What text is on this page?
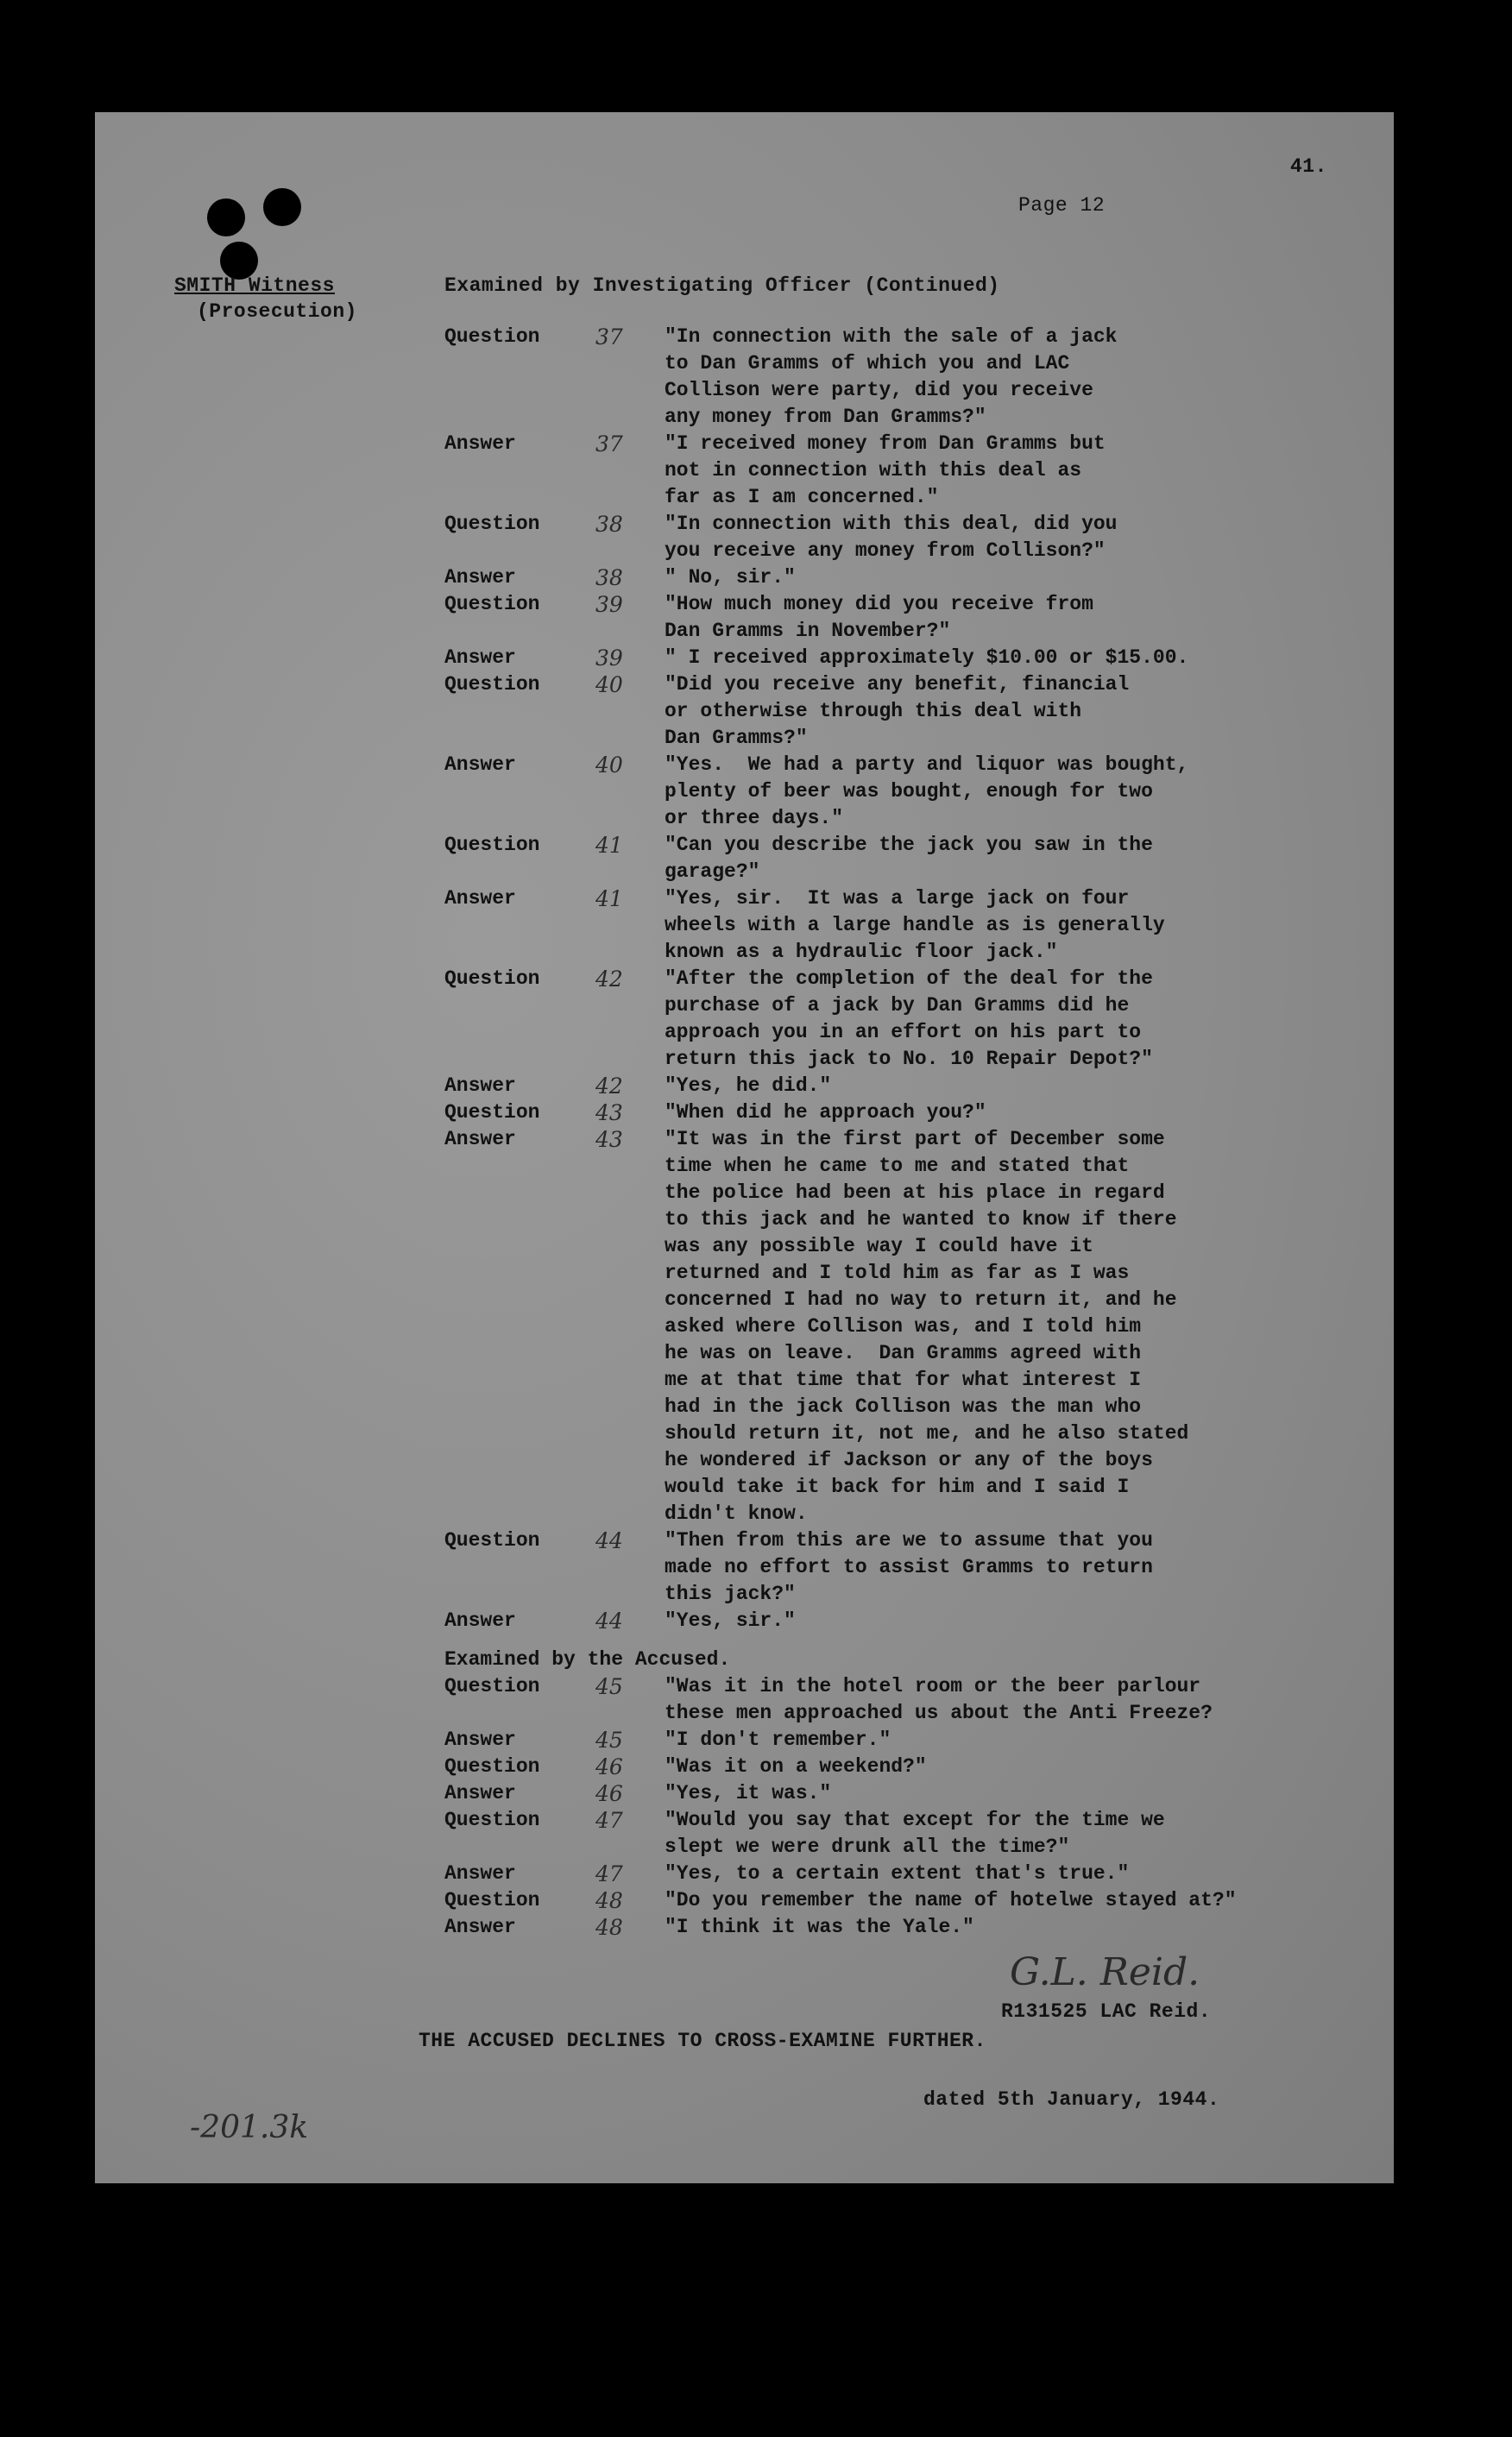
41.
Page 12
SMITH Witness
(Prosecution)
Examined by Investigating Officer (Continued)
Question	37	"In connection with the sale of a jack
to Dan Gramms of which you and LAC
Collison were party, did you receive
any money from Dan Gramms?"
Answer	37	"I received money from Dan Gramms but
not in connection with this deal as
far as I am concerned."
Question	38	"In connection with this deal, did you
you receive any money from Collison?"
Answer	38	" No, sir."
Question	39	"How much money did you receive from
Dan Gramms in November?"
Answer	39	" I received approximately $10.00 or $15.00.
Question	40	"Did you receive any benefit, financial
or otherwise through this deal with
Dan Gramms?"
Answer	40	"Yes.  We had a party and liquor was bought,
plenty of beer was bought, enough for two
or three days."
Question	41	"Can you describe the jack you saw in the
garage?"
Answer	41	"Yes, sir.  It was a large jack on four
wheels with a large handle as is generally
known as a hydraulic floor jack."
Question	42	"After the completion of the deal for the
purchase of a jack by Dan Gramms did he
approach you in an effort on his part to
return this jack to No. 10 Repair Depot?"
Answer	42	"Yes, he did."
Question	43	"When did he approach you?"
Answer	43	"It was in the first part of December some
time when he came to me and stated that
the police had been at his place in regard
to this jack and he wanted to know if there
was any possible way I could have it
returned and I told him as far as I was
concerned I had no way to return it, and he
asked where Collison was, and I told him
he was on leave.  Dan Gramms agreed with
me at that time that for what interest I
had in the jack Collison was the man who
should return it, not me, and he also stated
he wondered if Jackson or any of the boys
would take it back for him and I said I
didn't know.
Question	44	"Then from this are we to assume that you
made no effort to assist Gramms to return
this jack?"
Answer	44	"Yes, sir."
Examined by the Accused.
Question	45	"Was it in the hotel room or the beer parlour
these men approached us about the Anti Freeze?
Answer	45	"I don't remember."
Question	46	"Was it on a weekend?"
Answer	46	"Yes, it was."
Question	47	"Would you say that except for the time we
slept we were drunk all the time?"
Answer	47	"Yes, to a certain extent that's true."
Question	48	"Do you remember the name of hotelwe stayed at?"
Answer	48	"I think it was the Yale."
G.L. Reid.
R131525 LAC Reid.
THE ACCUSED DECLINES TO CROSS-EXAMINE FURTHER.
dated 5th January, 1944.
-201.3k
